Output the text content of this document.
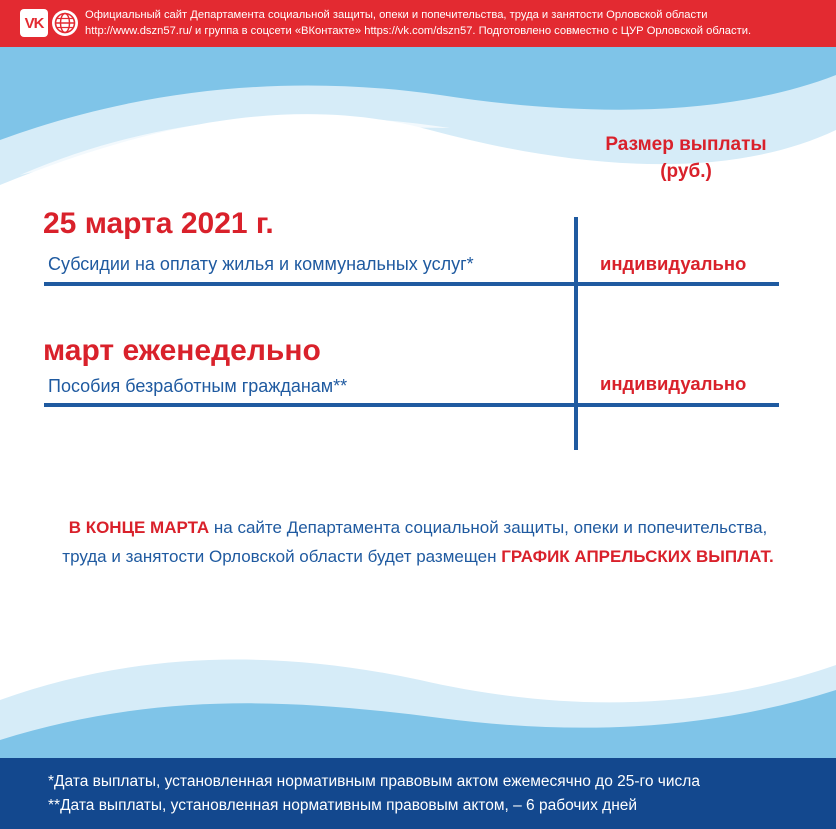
VK	Официальный сайт Департамента социальной защиты, опеки и попечительства, труда и занятости Орловской области
http://www.dszn57.ru/ и группа в соцсети «ВКонтакте» https://vk.com/dszn57. Подготовлено совместно с ЦУР Орловской области.
Размер выплаты (руб.)
25 марта 2021 г.
Субсидии на оплату жилья и коммунальных услуг*	индивидуально
март еженедельно
Пособия безработным гражданам**	индивидуально
В КОНЦЕ МАРТА на сайте Департамента социальной защиты, опеки и попечительства, труда и занятости Орловской области будет размещен ГРАФИК АПРЕЛЬСКИХ ВЫПЛАТ.
*Дата выплаты, установленная нормативным правовым актом ежемесячно до 25-го числа
**Дата выплаты, установленная нормативным правовым актом, – 6 рабочих дней
